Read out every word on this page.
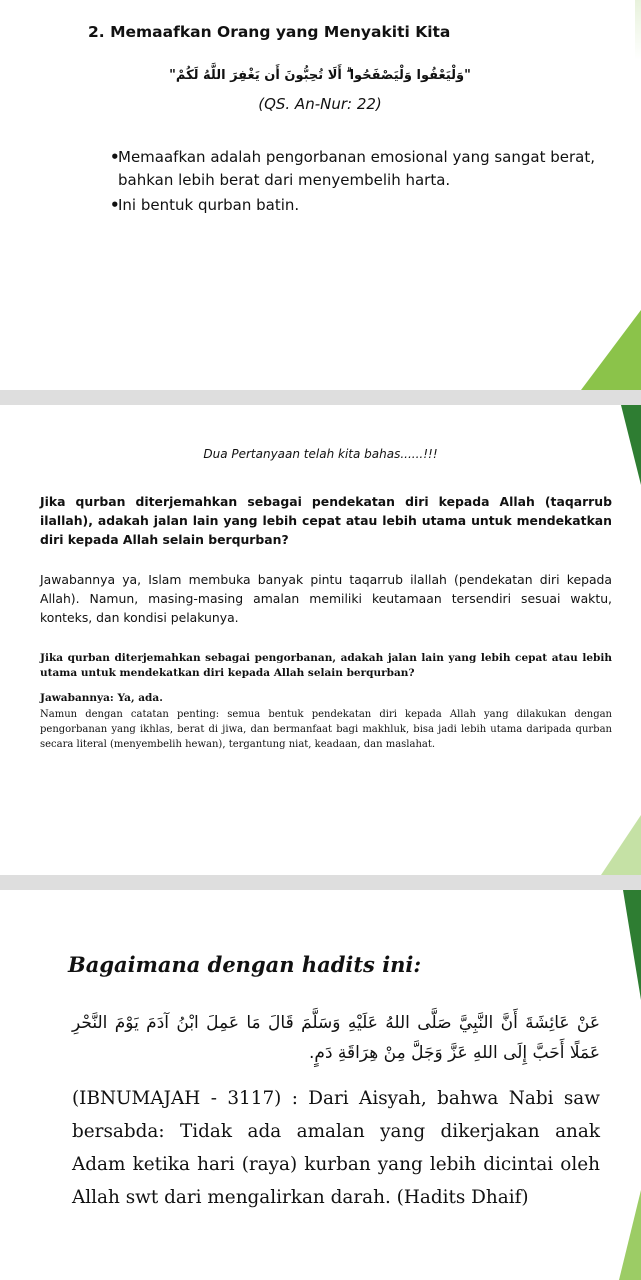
2. Memaafkan Orang yang Menyakiti Kita
"وَلْيَعْفُوا وَلْيَصْفَحُوا ۗ أَلَا تُحِبُّونَ أَن يَغْفِرَ اللَّهُ لَكُمْ"
(QS. An-Nur: 22)
•
Memaafkan adalah pengorbanan emosional yang sangat berat, bahkan lebih berat dari menyembelih harta.
•
Ini bentuk qurban batin.
Dua Pertanyaan telah kita bahas......!!!
Jika qurban diterjemahkan sebagai pendekatan diri kepada Allah (taqarrub ilallah), adakah jalan lain yang lebih cepat atau lebih utama untuk mendekatkan diri kepada Allah selain berqurban?
Jawabannya ya, Islam membuka banyak pintu taqarrub ilallah (pendekatan diri kepada Allah). Namun, masing-masing amalan memiliki keutamaan tersendiri sesuai waktu, konteks, dan kondisi pelakunya.
Jika qurban diterjemahkan sebagai pengorbanan, adakah jalan lain yang lebih cepat atau lebih utama untuk mendekatkan diri kepada Allah selain berqurban?
Jawabannya: Ya, ada.
Namun dengan catatan penting: semua bentuk pendekatan diri kepada Allah yang dilakukan dengan pengorbanan yang ikhlas, berat di jiwa, dan bermanfaat bagi makhluk, bisa jadi lebih utama daripada qurban secara literal (menyembelih hewan), tergantung niat, keadaan, dan maslahat.
Bagaimana dengan hadits ini:
عَنْ عَائِشَةَ أَنَّ النَّبِيَّ صَلَّى اللهُ عَلَيْهِ وَسَلَّمَ قَالَ مَا عَمِلَ ابْنُ آدَمَ يَوْمَ النَّحْرِ عَمَلًا أَحَبَّ إِلَى اللهِ عَزَّ وَجَلَّ مِنْ هِرَاقَةِ دَمٍ.
(IBNUMAJAH - 3117) : Dari Aisyah, bahwa Nabi saw bersabda: Tidak ada amalan yang dikerjakan anak Adam ketika hari (raya) kurban yang lebih dicintai oleh Allah swt dari mengalirkan darah. (Hadits Dhaif)
